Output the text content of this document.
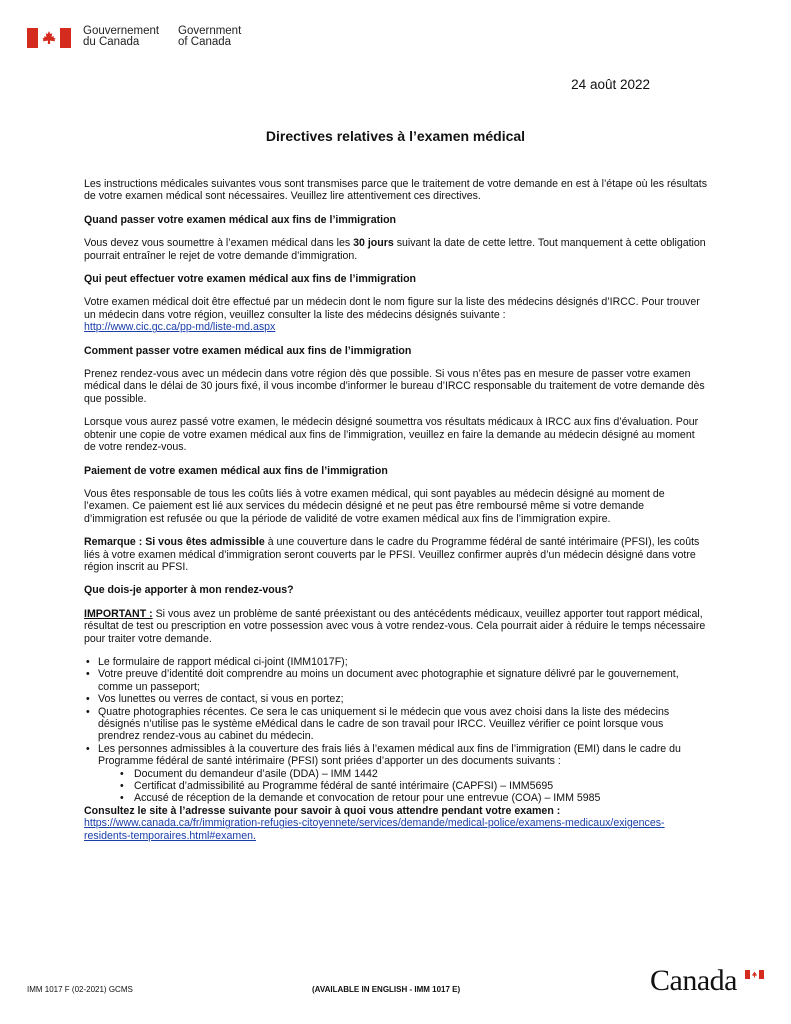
Gouvernement
du Canada
Government
of Canada
24 août 2022
Directives relatives à l’examen médical

Les instructions médicales suivantes vous sont transmises parce que le traitement de votre demande en est à l’étape où les résultats de votre examen médical sont nécessaires. Veuillez lire attentivement ces directives.

Quand passer votre examen médical aux fins de l’immigration

Vous devez vous soumettre à l’examen médical dans les 30 jours suivant la date de cette lettre. Tout manquement à cette obligation pourrait entraîner le rejet de votre demande d’immigration.

Qui peut effectuer votre examen médical aux fins de l’immigration

Votre examen médical doit être effectué par un médecin dont le nom figure sur la liste des médecins désignés d’IRCC. Pour trouver un médecin dans votre région, veuillez consulter la liste des médecins désignés suivante :
http://www.cic.gc.ca/pp-md/liste-md.aspx

Comment passer votre examen médical aux fins de l’immigration

Prenez rendez-vous avec un médecin dans votre région dès que possible. Si vous n’êtes pas en mesure de passer votre examen médical dans le délai de 30 jours fixé, il vous incombe d’informer le bureau d’IRCC responsable du traitement de votre demande dès que possible.

Lorsque vous aurez passé votre examen, le médecin désigné soumettra vos résultats médicaux à IRCC aux fins d’évaluation. Pour obtenir une copie de votre examen médical aux fins de l’immigration, veuillez en faire la demande au médecin désigné au moment de votre rendez-vous.

Paiement de votre examen médical aux fins de l’immigration

Vous êtes responsable de tous les coûts liés à votre examen médical, qui sont payables au médecin désigné au moment de l’examen. Ce paiement est lié aux services du médecin désigné et ne peut pas être remboursé même si votre demande d’immigration est refusée ou que la période de validité de votre examen médical aux fins de l’immigration expire.

Remarque : Si vous êtes admissible à une couverture dans le cadre du Programme fédéral de santé intérimaire (PFSI), les coûts liés à votre examen médical d’immigration seront couverts par le PFSI. Veuillez confirmer auprès d’un médecin désigné dans votre région inscrit au PFSI.

Que dois-je apporter à mon rendez-vous?

IMPORTANT : Si vous avez un problème de santé préexistant ou des antécédents médicaux, veuillez apporter tout rapport médical, résultat de test ou prescription en votre possession avec vous à votre rendez-vous. Cela pourrait aider à réduire le temps nécessaire pour traiter votre demande.

• Le formulaire de rapport médical ci-joint (IMM1017F);
• Votre preuve d’identité doit comprendre au moins un document avec photographie et signature délivré par le gouvernement, comme un passeport;
• Vos lunettes ou verres de contact, si vous en portez;
• Quatre photographies récentes. Ce sera le cas uniquement si le médecin que vous avez choisi dans la liste des médecins désignés n’utilise pas le système eMédical dans le cadre de son travail pour IRCC. Veuillez vérifier ce point lorsque vous prendrez rendez-vous au cabinet du médecin.
• Les personnes admissibles à la couverture des frais liés à l’examen médical aux fins de l’immigration (EMI) dans le cadre du Programme fédéral de santé intérimaire (PFSI) sont priées d’apporter un des documents suivants :
• Document du demandeur d’asile (DDA) – IMM 1442
• Certificat d’admissibilité au Programme fédéral de santé intérimaire (CAPFSI) – IMM5695
• Accusé de réception de la demande et convocation de retour pour une entrevue (COA) – IMM 5985

Consultez le site à l’adresse suivante pour savoir à quoi vous attendre pendant votre examen :

https://www.canada.ca/fr/immigration-refugies-citoyennete/services/demande/medical-police/examens-medicaux/exigences-residents-temporaires.html#examen.

IMM 1017 F (02-2021) GCMS	(AVAILABLE IN ENGLISH - IMM 1017 E)	Canada
